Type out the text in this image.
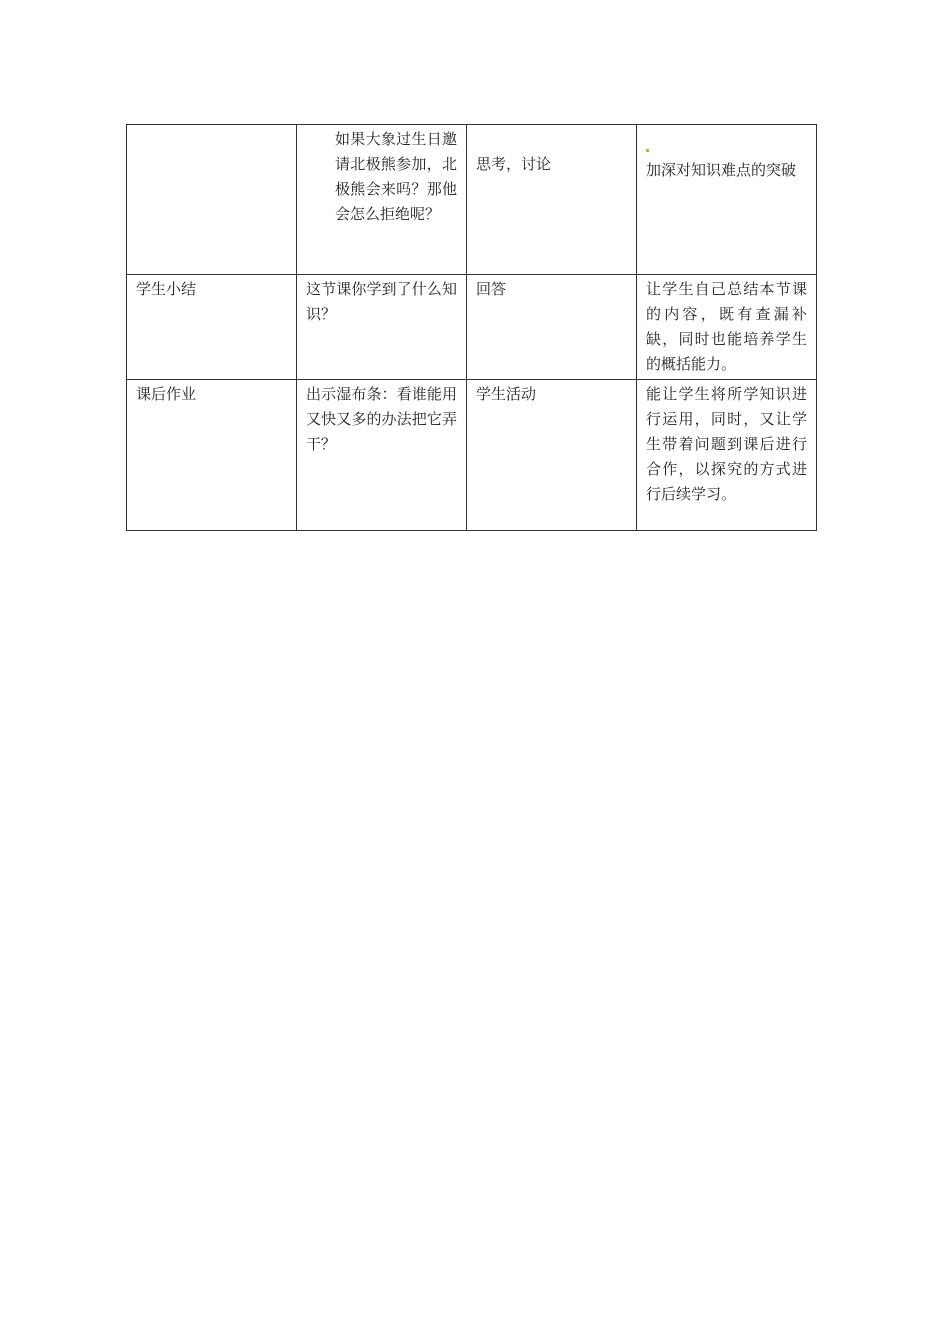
	如果大象过生日邀请北极熊参加，北极熊会来吗？那他会怎么拒绝呢？	思考，讨论	加深对知识难点的突破
学生小结	这节课你学到了什么知识？	回答	让学生自己总结本节课的内容，既有查漏补缺，同时也能培养学生的概括能力。
课后作业	出示湿布条：看谁能用又快又多的办法把它弄干？	学生活动	能让学生将所学知识进行运用，同时，又让学生带着问题到课后进行合作，以探究的方式进行后续学习。
